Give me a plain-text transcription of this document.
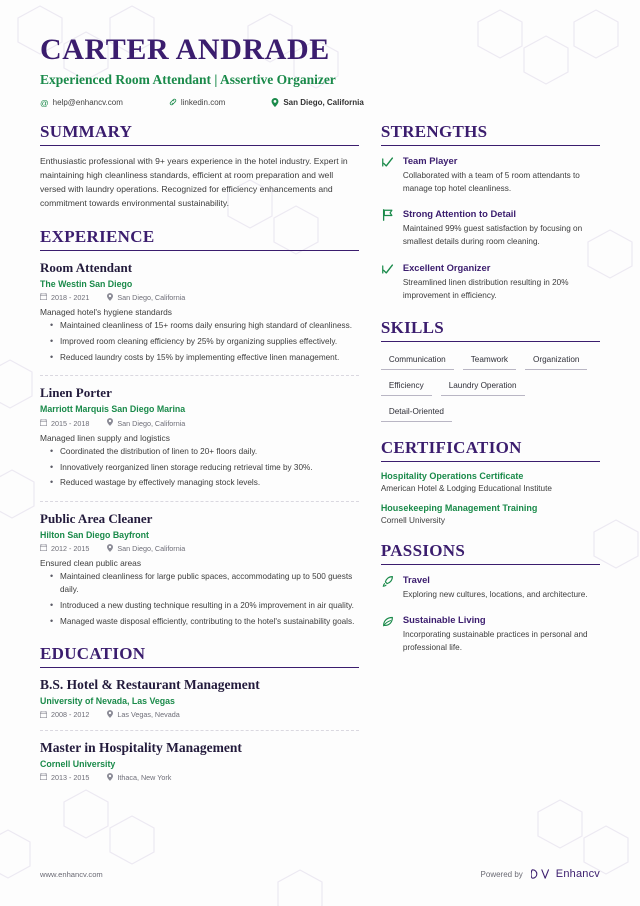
CARTER ANDRADE
Experienced Room Attendant | Assertive Organizer
@ help@enhancv.com	linkedin.com	San Diego, California
SUMMARY
Enthusiastic professional with 9+ years experience in the hotel industry. Expert in maintaining high cleanliness standards, efficient at room preparation and well versed with laundry operations. Recognized for efficiency enhancements and commitment towards environmental sustainability.
EXPERIENCE
Room Attendant
The Westin San Diego
2018 - 2021	San Diego, California
Managed hotel's hygiene standards
• Maintained cleanliness of 15+ rooms daily ensuring high standard of cleanliness.
• Improved room cleaning efficiency by 25% by organizing supplies effectively.
• Reduced laundry costs by 15% by implementing effective linen management.
Linen Porter
Marriott Marquis San Diego Marina
2015 - 2018	San Diego, California
Managed linen supply and logistics
• Coordinated the distribution of linen to 20+ floors daily.
• Innovatively reorganized linen storage reducing retrieval time by 30%.
• Reduced wastage by effectively managing stock levels.
Public Area Cleaner
Hilton San Diego Bayfront
2012 - 2015	San Diego, California
Ensured clean public areas
• Maintained cleanliness for large public spaces, accommodating up to 500 guests daily.
• Introduced a new dusting technique resulting in a 20% improvement in air quality.
• Managed waste disposal efficiently, contributing to the hotel's sustainability goals.
EDUCATION
B.S. Hotel & Restaurant Management
University of Nevada, Las Vegas
2008 - 2012	Las Vegas, Nevada
Master in Hospitality Management
Cornell University
2013 - 2015	Ithaca, New York
STRENGTHS
Team Player
Collaborated with a team of 5 room attendants to manage top hotel cleanliness.
Strong Attention to Detail
Maintained 99% guest satisfaction by focusing on smallest details during room cleaning.
Excellent Organizer
Streamlined linen distribution resulting in 20% improvement in efficiency.
SKILLS
Communication	Teamwork	Organization
Efficiency	Laundry Operation
Detail-Oriented
CERTIFICATION
Hospitality Operations Certificate
American Hotel & Lodging Educational Institute
Housekeeping Management Training
Cornell University
PASSIONS
Travel
Exploring new cultures, locations, and architecture.
Sustainable Living
Incorporating sustainable practices in personal and professional life.
www.enhancv.com	Powered by	Enhancv
